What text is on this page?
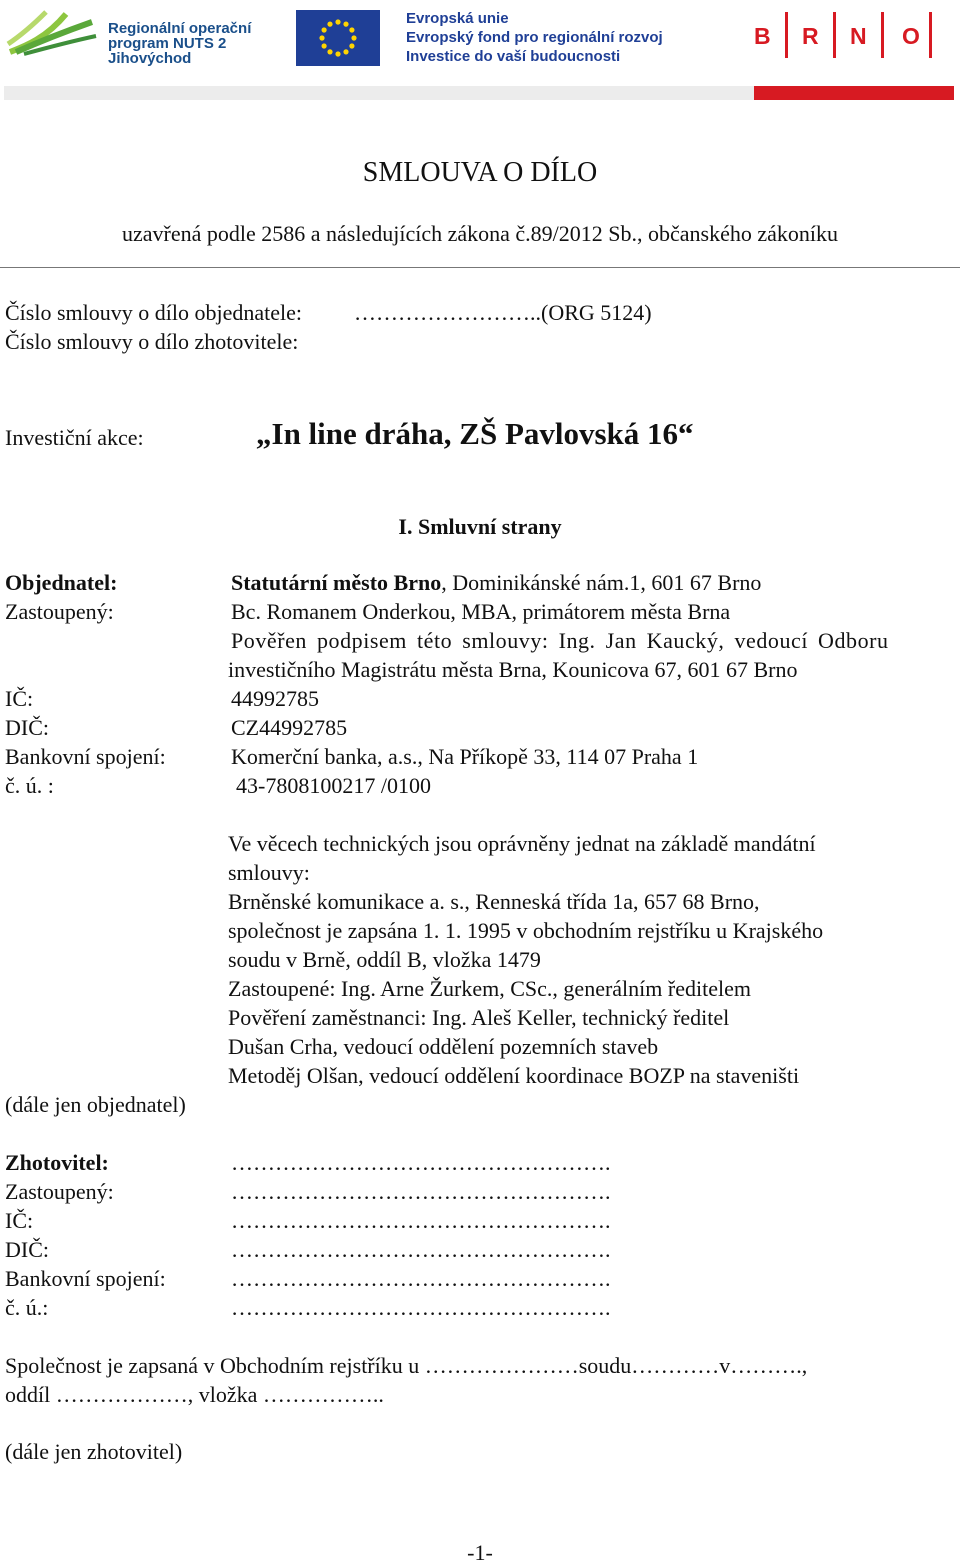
Regionální operační
program NUTS 2
Jihovýchod
Evropská unie
Evropský fond pro regionální rozvoj
Investice do vaší budoucnosti
B R N O
SMLOUVA O DÍLO
uzavřená podle 2586 a následujících zákona č.89/2012 Sb., občanského zákoníku
Číslo smlouvy o dílo objednatele: ……………………..(ORG 5124)
Číslo smlouvy o dílo zhotovitele:
Investiční akce:	„In line dráha, ZŠ Pavlovská 16“
I. Smluvní strany
Objednatel:	Statutární město Brno, Dominikánské nám.1, 601 67 Brno
Zastoupený:	Bc. Romanem Onderkou, MBA, primátorem města Brna
Pověřen podpisem této smlouvy: Ing. Jan Kaucký, vedoucí Odboru
investičního Magistrátu města Brna, Kounicova 67, 601 67 Brno
IČ:	44992785
DIČ:	CZ44992785
Bankovní spojení:	Komerční banka, a.s., Na Příkopě 33, 114 07 Praha 1
č. ú. :	43-7808100217 /0100
Ve věcech technických jsou oprávněny jednat na základě mandátní
smlouvy:
Brněnské komunikace a. s., Renneská třída 1a, 657 68 Brno,
společnost je zapsána 1. 1. 1995 v obchodním rejstříku u Krajského
soudu v Brně, oddíl B, vložka 1479
Zastoupené: Ing. Arne Žurkem, CSc., generálním ředitelem
Pověření zaměstnanci: Ing. Aleš Keller, technický ředitel
Dušan Crha, vedoucí oddělení pozemních staveb
Metoděj Olšan, vedoucí oddělení koordinace BOZP na staveništi
(dále jen objednatel)
Zhotovitel:	…………………………………………….
Zastoupený:	…………………………………………….
IČ:	…………………………………………….
DIČ:	…………………………………………….
Bankovní spojení:	…………………………………………….
č. ú.:	…………………………………………….
Společnost je zapsaná v Obchodním rejstříku u …………………soudu…………v……….,
oddíl ………………, vložka ……………..
(dále jen zhotovitel)
-1-
